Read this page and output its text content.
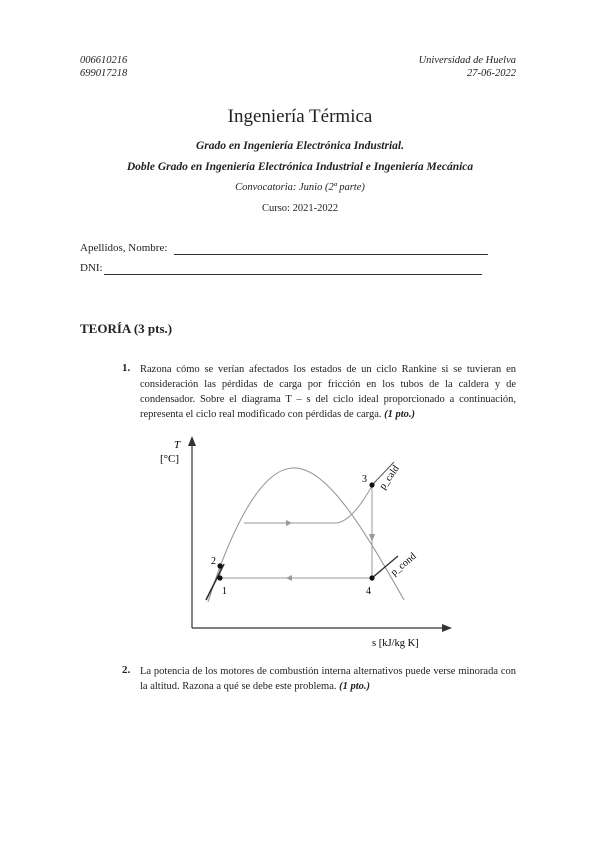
006610216
699017218
Universidad de Huelva
27-06-2022
Ingeniería Térmica
Grado en Ingeniería Electrónica Industrial.
Doble Grado en Ingeniería Electrónica Industrial e Ingeniería Mecánica
Convocatoria: Junio (2ª parte)
Curso: 2021-2022
Apellidos, Nombre:
DNI:
TEORÍA (3 pts.)
1. Razona cómo se verían afectados los estados de un ciclo Rankine si se tuvieran en consideración las pérdidas de carga por fricción en los tubos de la caldera y de condensador. Sobre el diagrama T – s del ciclo ideal proporcionado a continuación, representa el ciclo real modificado con pérdidas de carga. (1 pto.)
T
[°C]
s [kJ/kg K]
1
2
3
4
p_cald
p_cond
2. La potencia de los motores de combustión interna alternativos puede verse minorada con la altitud. Razona a qué se debe este problema. (1 pto.)
